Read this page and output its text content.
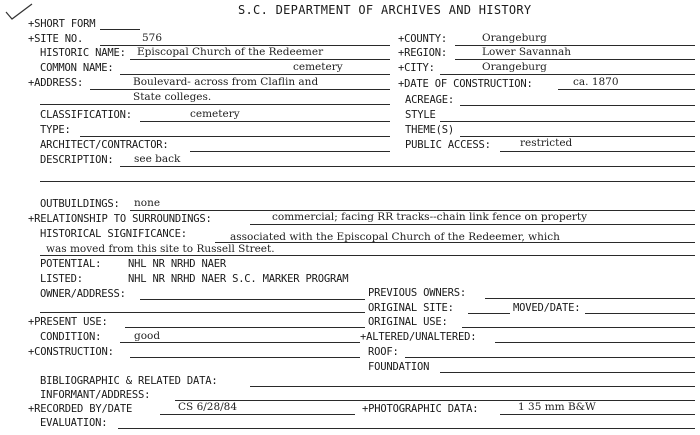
S.C. DEPARTMENT OF ARCHIVES AND HISTORY
+SHORT FORM
+SITE NO.	576
HISTORIC NAME: Episcopal Church of the Redeemer
COMMON NAME:	cemetery
+ADDRESS:	Boulevard- across from Claflin and
State colleges.
CLASSIFICATION:	cemetery
TYPE:
ARCHITECT/CONTRACTOR:
DESCRIPTION: see back
+COUNTY:	Orangeburg
+REGION:	Lower Savannah
+CITY:	Orangeburg
+DATE OF CONSTRUCTION:	ca. 1870
ACREAGE:
STYLE
THEME(S)
PUBLIC ACCESS:	restricted
OUTBUILDINGS: none
+RELATIONSHIP TO SURROUNDINGS:	commercial; facing RR tracks--chain link fence on property
HISTORICAL SIGNIFICANCE:	associated with the Episcopal Church of the Redeemer, which
was moved from this site to Russell Street.
POTENTIAL:	NHL NR NRHD NAER
LISTED:	NHL NR NRHD NAER S.C. MARKER PROGRAM
OWNER/ADDRESS:	PREVIOUS OWNERS:
ORIGINAL SITE:	MOVED/DATE:
+PRESENT USE:	ORIGINAL USE:
CONDITION:	good	+ALTERED/UNALTERED:
+CONSTRUCTION:	ROOF:
FOUNDATION
BIBLIOGRAPHIC & RELATED DATA:
INFORMANT/ADDRESS:
+RECORDED BY/DATE	CS 6/28/84	+PHOTOGRAPHIC DATA:	1 35 mm B&W
EVALUATION:
